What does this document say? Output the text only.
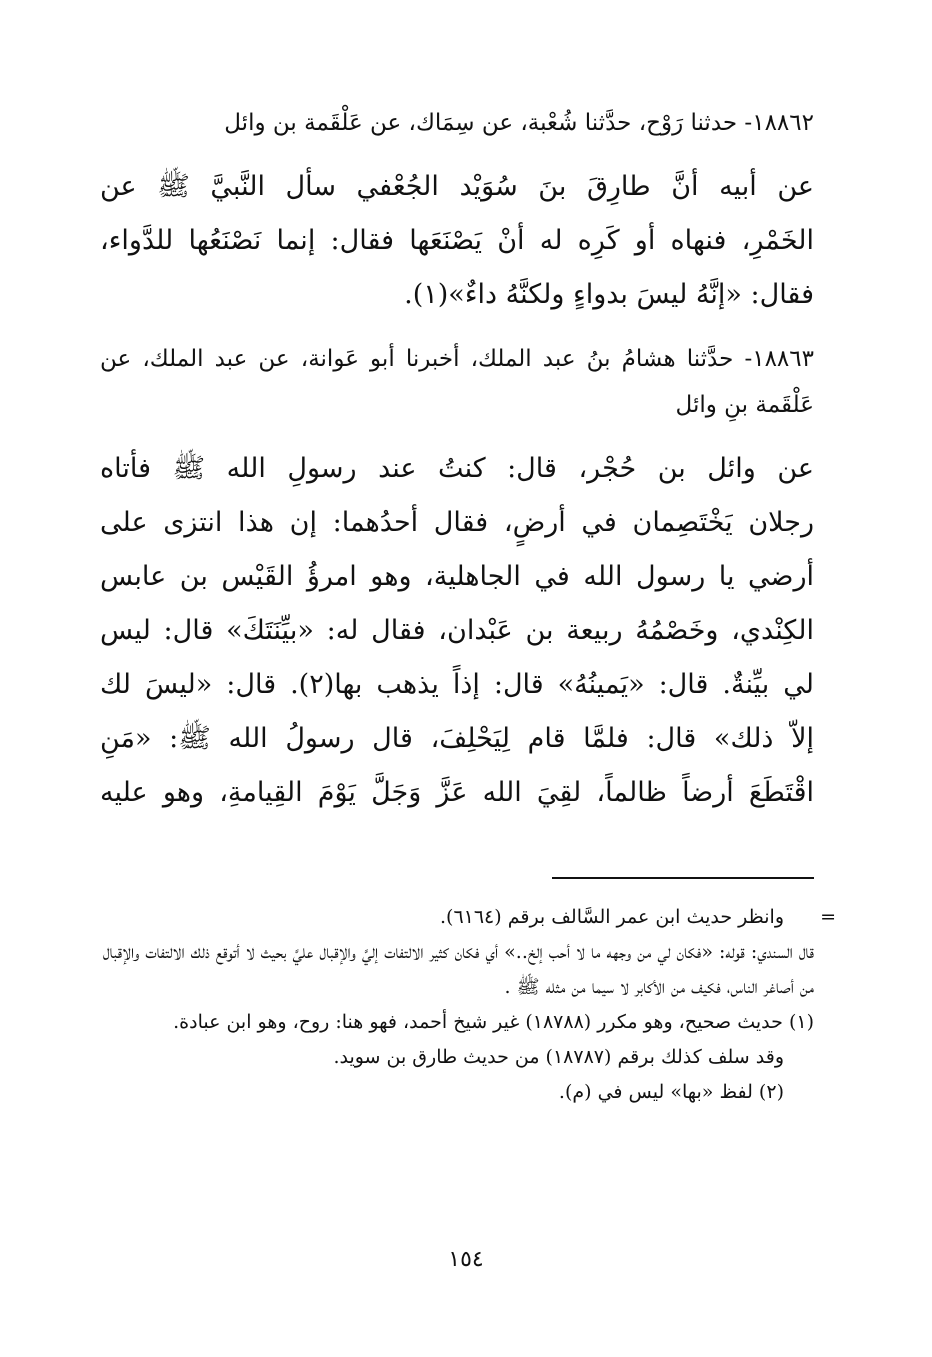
١٨٨٦٢- حدثنا رَوْح، حدَّثنا شُعْبة، عن سِمَاك، عن عَلْقَمة بن وائل

عن أبيه أنَّ طارِقَ بنَ سُوَيْد الجُعْفي سأل النَّبيَّ ﷺ عن
الخَمْرِ، فنهاه أو كَرِه له أنْ يَصْنَعَها فقال: إنما نَصْنَعُها للدَّواء،
فقال: «إنَّهُ ليسَ بدواءٍ ولكنَّهُ داءٌ»(١).

١٨٨٦٣- حدَّثنا هشامُ بنُ عبد الملك، أخبرنا أبو عَوانة، عن عبد الملك، عن عَلْقَمة بنِ وائل

عن وائل بن حُجْر، قال: كنتُ عند رسولِ الله ﷺ فأتاه
رجلان يَخْتَصِمان في أرضٍ، فقال أحدُهما: إن هذا انتزى على
أرضي يا رسول الله في الجاهلية، وهو امرؤُ القَيْس بن عابس
الكِنْدي، وخَصْمُهُ ربيعة بن عَبْدان، فقال له: «بيِّنَتَكَ» قال: ليس
لي بيِّنةٌ. قال: «يَمينُهُ» قال: إذاً يذهب بها(٢). قال: «ليسَ لك
إلاّ ذلك» قال: فلمَّا قام لِيَحْلِفَ، قال رسولُ الله ﷺ: «مَنِ
اقْتَطَعَ أرضاً ظالماً، لقِيَ الله عَزَّ وَجَلَّ يَوْمَ القِيامةِ، وهو عليه
=
وانظر حديث ابن عمر السَّالف برقم (٦١٦٤).
قال السندي: قوله: «فكان لي من وجهه ما لا أحب إلخ..» أي فكان كثير الالتفات إليَّ والإقبال عليَّ بحيث لا أتوقع ذلك الالتفات والإقبال من أصاغر الناس، فكيف من الأكابر لا سيما من مثله ﷺ .
(١) حديث صحيح، وهو مكرر (١٨٧٨٨) غير شيخ أحمد، فهو هنا: روح، وهو ابن عبادة.
وقد سلف كذلك برقم (١٨٧٨٧) من حديث طارق بن سويد.
(٢) لفظ «بها» ليس في (م).
١٥٤
